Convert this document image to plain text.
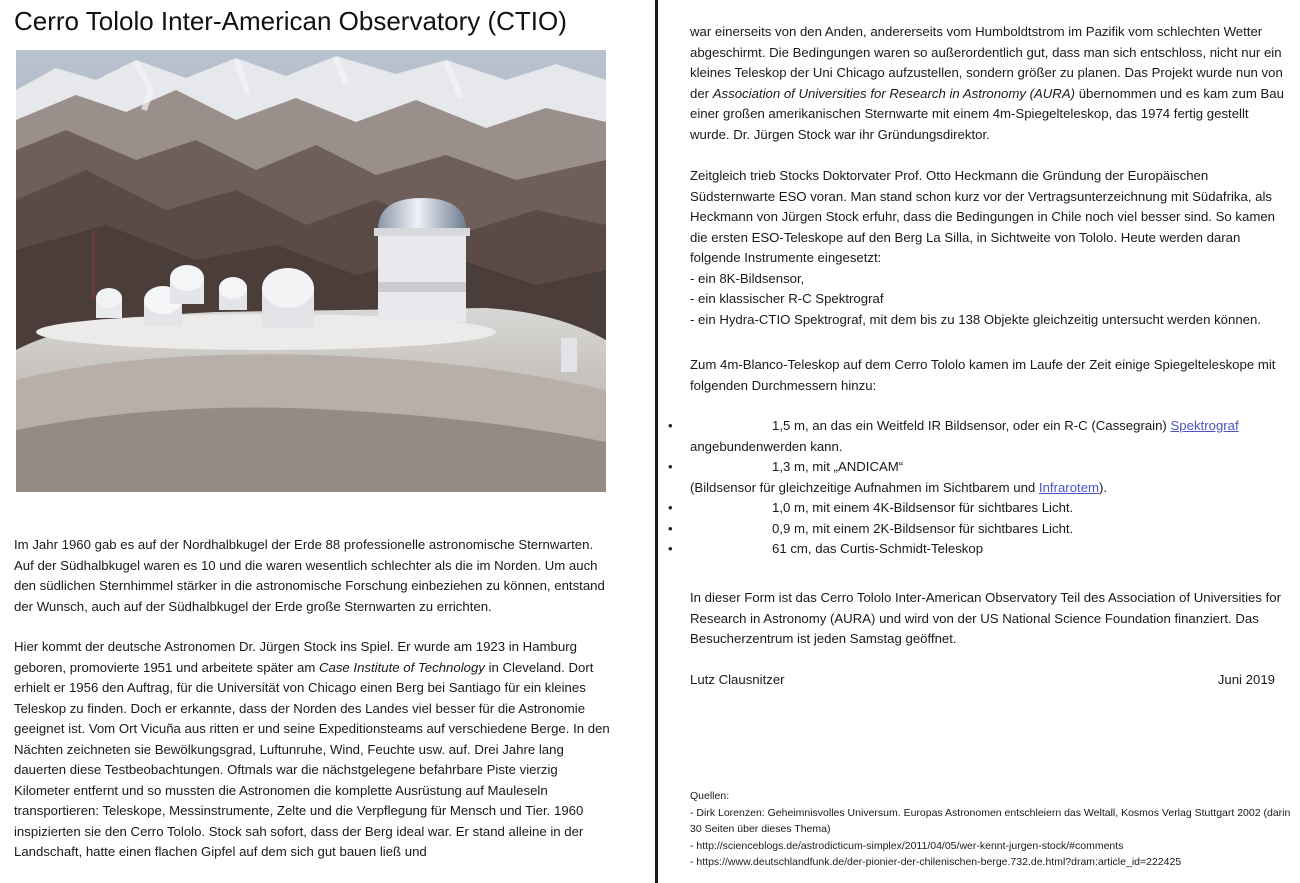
Cerro Tololo Inter-American Observatory (CTIO)

Im Jahr 1960 gab es auf der Nordhalbkugel der Erde 88 professionelle astronomische Sternwarten. Auf der Südhalbkugel waren es 10 und die waren wesentlich schlechter als die im Norden. Um auch den südlichen Sternhimmel stärker in die astronomische Forschung einbeziehen zu können, entstand der Wunsch, auch auf der Südhalbkugel der Erde große Sternwarten zu errichten.

Hier kommt der deutsche Astronomen Dr. Jürgen Stock ins Spiel. Er wurde am 1923 in Hamburg geboren, promovierte 1951 und arbeitete später am Case Institute of Technology in Cleveland. Dort erhielt er 1956 den Auftrag, für die Universität von Chicago einen Berg bei Santiago für ein kleines Teleskop zu finden. Doch er erkannte, dass der Norden des Landes viel besser für die Astronomie geeignet ist. Vom Ort Vicuña aus ritten er und seine Expeditionsteams auf verschiedene Berge. In den Nächten zeichneten sie Bewölkungsgrad, Luftunruhe, Wind, Feuchte usw. auf. Drei Jahre lang dauerten diese Testbeobachtungen. Oftmals war die nächstgelegene befahrbare Piste vierzig Kilometer entfernt und so mussten die Astronomen die komplette Ausrüstung auf Mauleseln transportieren: Teleskope, Messinstrumente, Zelte und die Verpflegung für Mensch und Tier. 1960 inspizierten sie den Cerro Tololo. Stock sah sofort, dass der Berg ideal war. Er stand alleine in der Landschaft, hatte einen flachen Gipfel auf dem sich gut bauen ließ und

war einerseits von den Anden, andererseits vom Humboldtstrom im Pazifik vom schlechten Wetter abgeschirmt. Die Bedingungen waren so außerordentlich gut, dass man sich entschloss, nicht nur ein kleines Teleskop der Uni Chicago aufzustellen, sondern größer zu planen. Das Projekt wurde nun von der Association of Universities for Research in Astronomy (AURA) übernommen und es kam zum Bau einer großen amerikanischen Sternwarte mit einem 4m-Spiegelteleskop, das 1974 fertig gestellt wurde. Dr. Jürgen Stock war ihr Gründungsdirektor.

Zeitgleich trieb Stocks Doktorvater Prof. Otto Heckmann die Gründung der Europäischen Südsternwarte ESO voran. Man stand schon kurz vor der Vertragsunterzeichnung mit Südafrika, als Heckmann von Jürgen Stock erfuhr, dass die Bedingungen in Chile noch viel besser sind. So kamen die ersten ESO-Teleskope auf den Berg La Silla, in Sichtweite von Tololo. Heute werden daran folgende Instrumente eingesetzt:
- ein 8K-Bildsensor,
- ein klassischer R-C Spektrograf
- ein Hydra-CTIO Spektrograf, mit dem bis zu 138 Objekte gleichzeitig untersucht werden können.

Zum 4m-Blanco-Teleskop auf dem Cerro Tololo kamen im Laufe der Zeit einige Spiegelteleskope mit folgenden Durchmessern hinzu:

•	1,5 m, an das ein Weitfeld IR Bildsensor, oder ein R-C (Cassegrain) Spektrograf
angebundenwerden kann.
•	1,3 m, mit „ANDICAM“
(Bildsensor für gleichzeitige Aufnahmen im Sichtbarem und Infrarotem).
•	1,0 m, mit einem 4K-Bildsensor für sichtbares Licht.
•	0,9 m, mit einem 2K-Bildsensor für sichtbares Licht.
•	61 cm, das Curtis-Schmidt-Teleskop

In dieser Form ist das Cerro Tololo Inter-American Observatory Teil des Association of Universities for Research in Astronomy (AURA) und wird von der US National Science Foundation finanziert. Das Besucherzentrum ist jeden Samstag geöffnet.

Lutz Clausnitzer	Juni 2019

Quellen:
- Dirk Lorenzen: Geheimnisvolles Universum. Europas Astronomen entschleiern das Weltall, Kosmos Verlag Stuttgart 2002 (darin 30 Seiten über dieses Thema)
- http://scienceblogs.de/astrodicticum-simplex/2011/04/05/wer-kennt-jurgen-stock/#comments
- https://www.deutschlandfunk.de/der-pionier-der-chilenischen-berge.732.de.html?dram:article_id=222425
